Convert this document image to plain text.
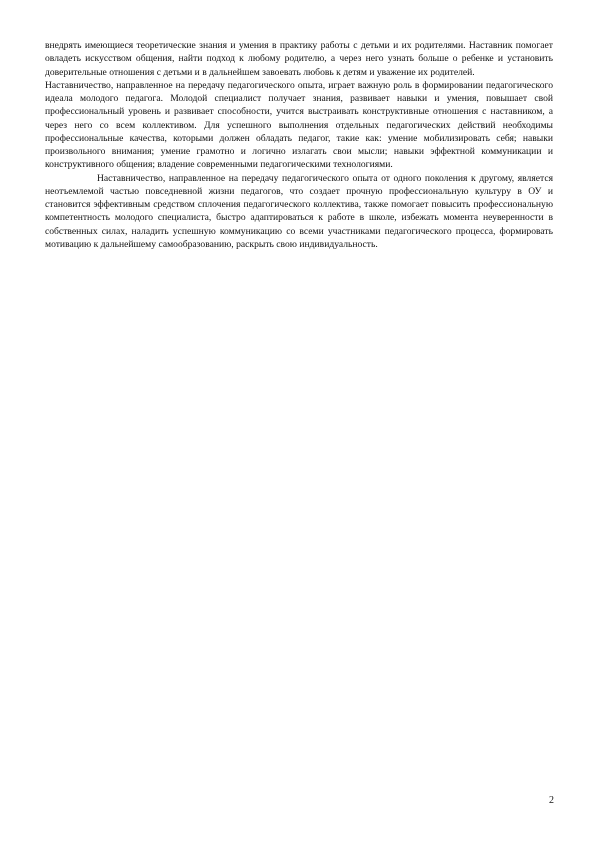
внедрять имеющиеся теоретические знания и умения в практику работы с детьми и их родителями. Наставник помогает овладеть искусством общения, найти подход к любому родителю, а через него узнать больше о ребенке и установить доверительные отношения с детьми и в дальнейшем завоевать любовь к детям и уважение их родителей.

Наставничество, направленное на передачу педагогического опыта, играет важную роль в формировании педагогического идеала молодого педагога. Молодой специалист получает знания, развивает навыки и умения, повышает свой профессиональный уровень и развивает способности, учится выстраивать конструктивные отношения с наставником, а через него со всем коллективом. Для успешного выполнения отдельных педагогических действий необходимы профессиональные качества, которыми должен обладать педагог, такие как: умение мобилизировать себя; навыки произвольного внимания; умение грамотно и логично излагать свои мысли; навыки эффектной коммуникации и конструктивного общения; владение современными педагогическими технологиями.

Наставничество, направленное на передачу педагогического опыта от одного поколения к другому, является неотъемлемой частью повседневной жизни педагогов, что создает прочную профессиональную культуру в ОУ и становится эффективным средством сплочения педагогического коллектива, также помогает повысить профессиональную компетентность молодого специалиста, быстро адаптироваться к работе в школе, избежать момента неуверенности в собственных силах, наладить успешную коммуникацию со всеми участниками педагогического процесса, формировать мотивацию к дальнейшему самообразованию, раскрыть свою индивидуальность.

2
